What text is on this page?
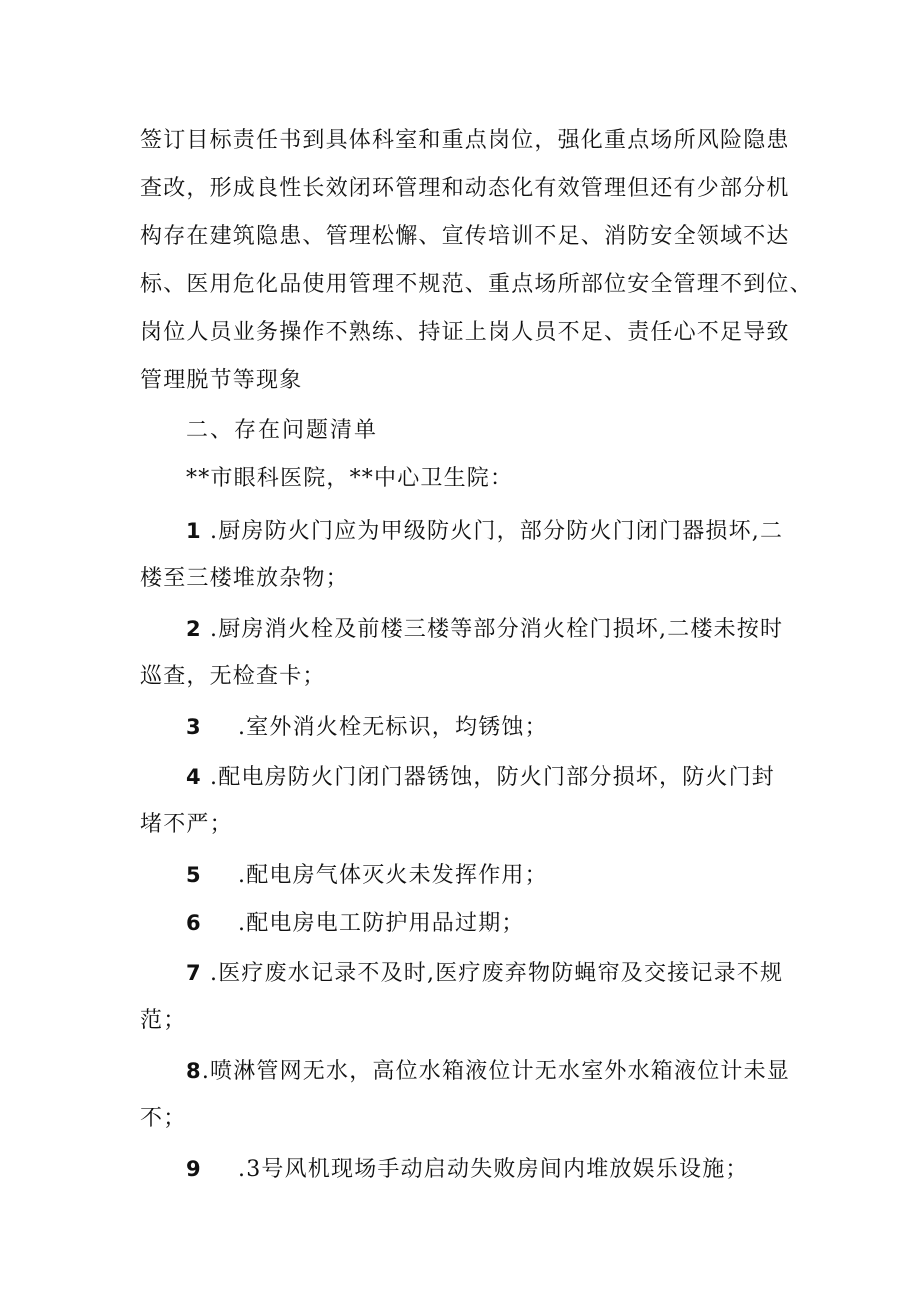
签订目标责任书到具体科室和重点岗位，强化重点场所风险隐患
查改，形成良性长效闭环管理和动态化有效管理但还有少部分机
构存在建筑隐患、管理松懈、宣传培训不足、消防安全领域不达
标、医用危化品使用管理不规范、重点场所部位安全管理不到位、
岗位人员业务操作不熟练、持证上岗人员不足、责任心不足导致
管理脱节等现象
二、存在问题清单
**市眼科医院，**中心卫生院：
1 .厨房防火门应为甲级防火门，部分防火门闭门器损坏,二
楼至三楼堆放杂物；
2 .厨房消火栓及前楼三楼等部分消火栓门损坏,二楼未按时
巡查，无检查卡；
3 .室外消火栓无标识，均锈蚀；
4 .配电房防火门闭门器锈蚀，防火门部分损坏，防火门封
堵不严；
5 .配电房气体灭火未发挥作用；
6 .配电房电工防护用品过期；
7 .医疗废水记录不及时,医疗废弃物防蝇帘及交接记录不规
范；
8.喷淋管网无水，高位水箱液位计无水室外水箱液位计未显
不；
9 .3号风机现场手动启动失败房间内堆放娱乐设施；
